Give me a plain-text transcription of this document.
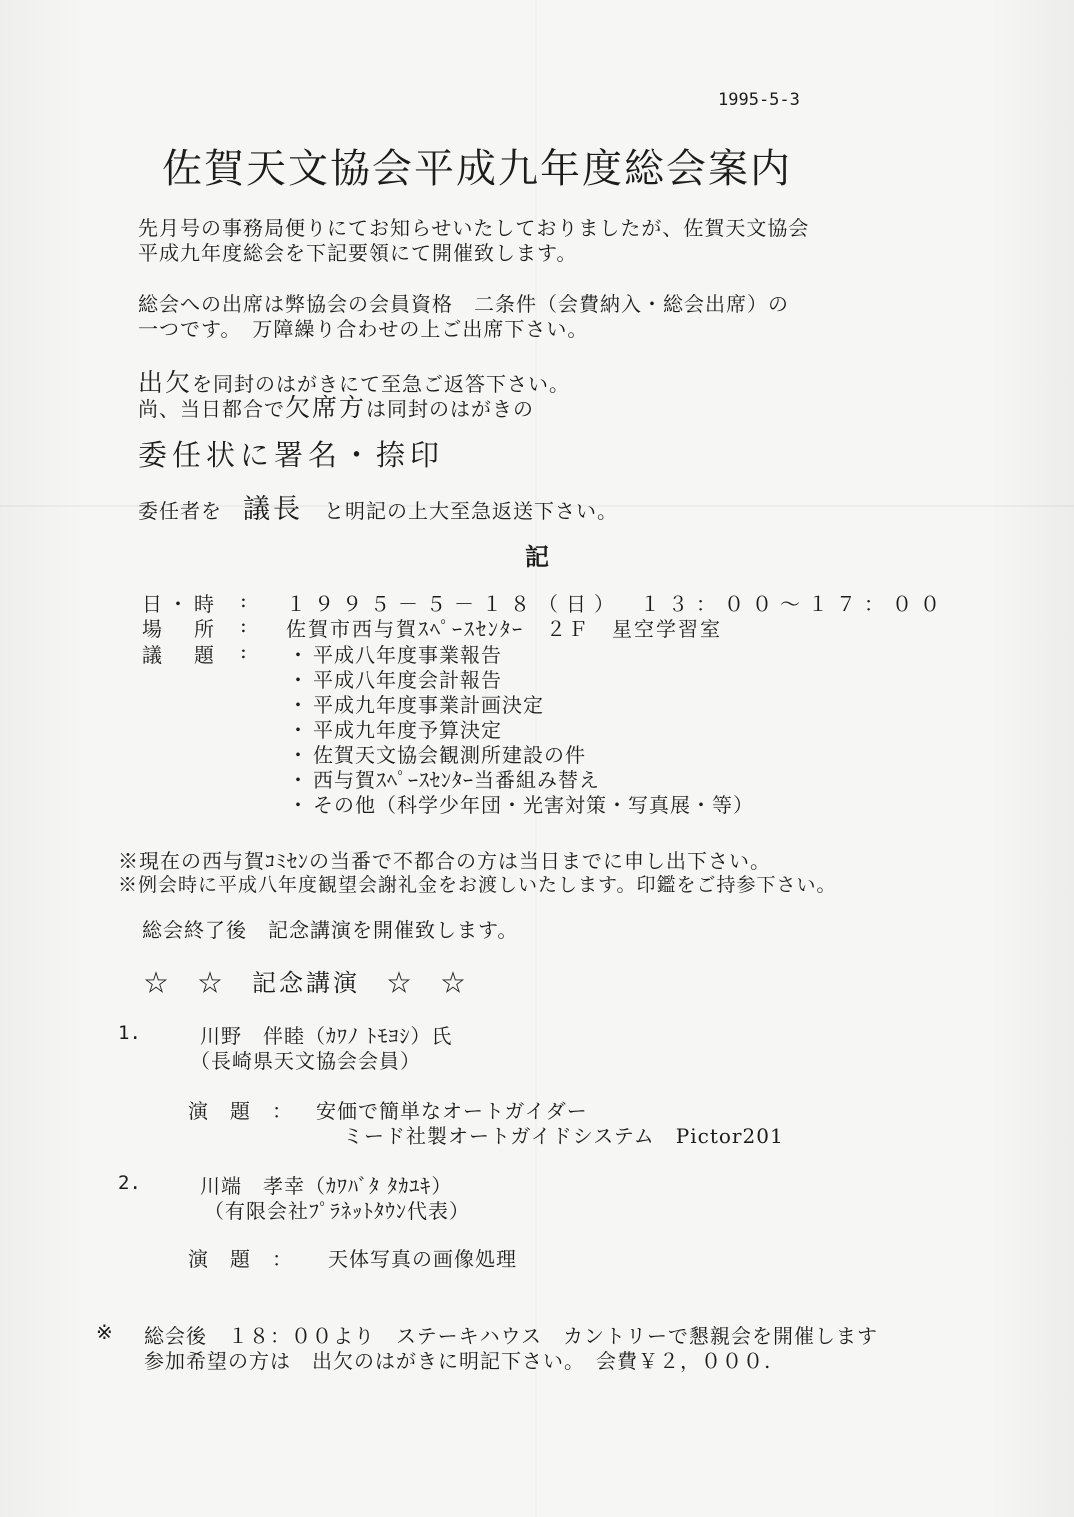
1995-5-3
佐賀天文協会平成九年度総会案内
先月号の事務局便りにてお知らせいたしておりましたが、佐賀天文協会
平成九年度総会を下記要領にて開催致します。
総会への出席は弊協会の会員資格　二条件（会費納入・総会出席）の
一つです。　万障繰り合わせの上ご出席下さい。
出欠を同封のはがきにて至急ご返答下さい。
尚、当日都合で欠席方は同封のはがきの
委任状に署名・捺印
委任者を　 議長　 と明記の上大至急返送下さい。
記
日・時 : １９９５－５－１８（日）　１３：００～１７：００
場　所 : 佐賀市西与賀ｽﾍﾟｰｽｾﾝﾀｰ　２Ｆ　星空学習室
議　題 : ・ 平成八年度事業報告
・ 平成八年度会計報告
・ 平成九年度事業計画決定
・ 平成九年度予算決定
・ 佐賀天文協会観測所建設の件
・ 西与賀ｽﾍﾟｰｽｾﾝﾀｰ当番組み替え
・ その他（科学少年団・光害対策・写真展・等）
※現在の西与賀ｺﾐｾﾝの当番で不都合の方は当日までに申し出下さい。
※例会時に平成八年度観望会謝礼金をお渡しいたします。印鑑をご持参下さい。
総会終了後　記念講演を開催致します。
☆　☆　記念講演　☆　☆
1.	川野　伴睦（ｶﾜﾉ ﾄﾓﾖｼ）氏
（長崎県天文協会会員）
演　題　： 安価で簡単なオートガイダー
ミード社製オートガイドシステム　Pictor201
2.	川端　孝幸（ｶﾜﾊﾞﾀ ﾀｶﾕｷ）
（有限会社ﾌﾟﾗﾈｯﾄﾀｳﾝ代表）
演　題　： 天体写真の画像処理
※ 総会後　１８：００より　ステーキハウス　カントリーで懇親会を開催します
参加希望の方は　出欠のはがきに明記下さい。　会費￥２，０００.
